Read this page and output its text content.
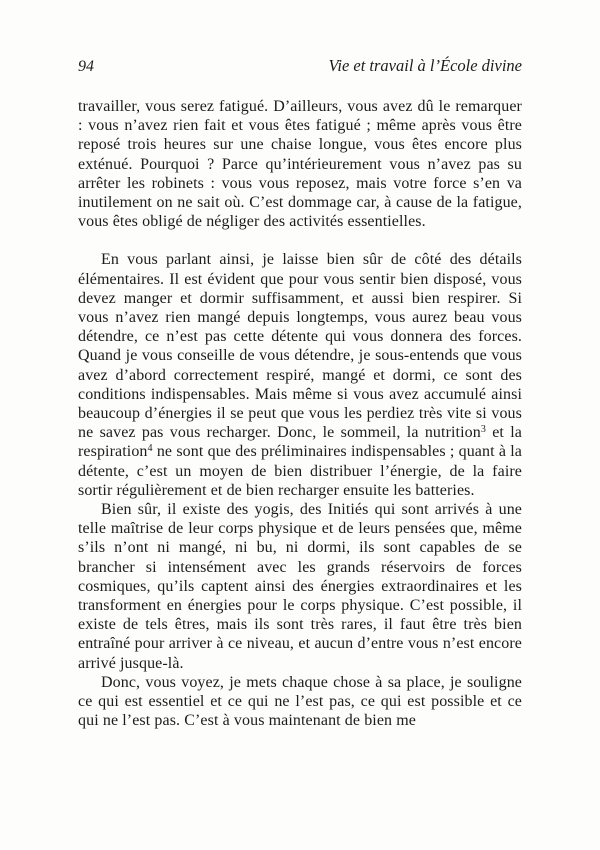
94	Vie et travail à l’École divine

travailler, vous serez fatigué. D’ailleurs, vous avez dû le remarquer : vous n’avez rien fait et vous êtes fatigué ; même après vous être reposé trois heures sur une chaise longue, vous êtes encore plus exténué. Pourquoi ? Parce qu’intérieurement vous n’avez pas su arrêter les robinets : vous vous reposez, mais votre force s’en va inutilement on ne sait où. C’est dommage car, à cause de la fatigue, vous êtes obligé de négliger des activités essentielles.

En vous parlant ainsi, je laisse bien sûr de côté des détails élémentaires. Il est évident que pour vous sentir bien disposé, vous devez manger et dormir suffisamment, et aussi bien respirer. Si vous n’avez rien mangé depuis longtemps, vous aurez beau vous détendre, ce n’est pas cette détente qui vous donnera des forces. Quand je vous conseille de vous détendre, je sous-entends que vous avez d’abord correctement respiré, mangé et dormi, ce sont des conditions indispensables. Mais même si vous avez accumulé ainsi beaucoup d’énergies il se peut que vous les perdiez très vite si vous ne savez pas vous recharger. Donc, le sommeil, la nutrition$^3$ et la respiration$^4$ ne sont que des préliminaires indispensables ; quant à la détente, c’est un moyen de bien distribuer l’énergie, de la faire sortir régulièrement et de bien recharger ensuite les batteries.

Bien sûr, il existe des yogis, des Initiés qui sont arrivés à une telle maîtrise de leur corps physique et de leurs pensées que, même s’ils n’ont ni mangé, ni bu, ni dormi, ils sont capables de se brancher si intensément avec les grands réservoirs de forces cosmiques, qu’ils captent ainsi des énergies extraordinaires et les transforment en énergies pour le corps physique. C’est possible, il existe de tels êtres, mais ils sont très rares, il faut être très bien entraîné pour arriver à ce niveau, et aucun d’entre vous n’est encore arrivé jusque-là.

Donc, vous voyez, je mets chaque chose à sa place, je souligne ce qui est essentiel et ce qui ne l’est pas, ce qui est possible et ce qui ne l’est pas. C’est à vous maintenant de bien me
